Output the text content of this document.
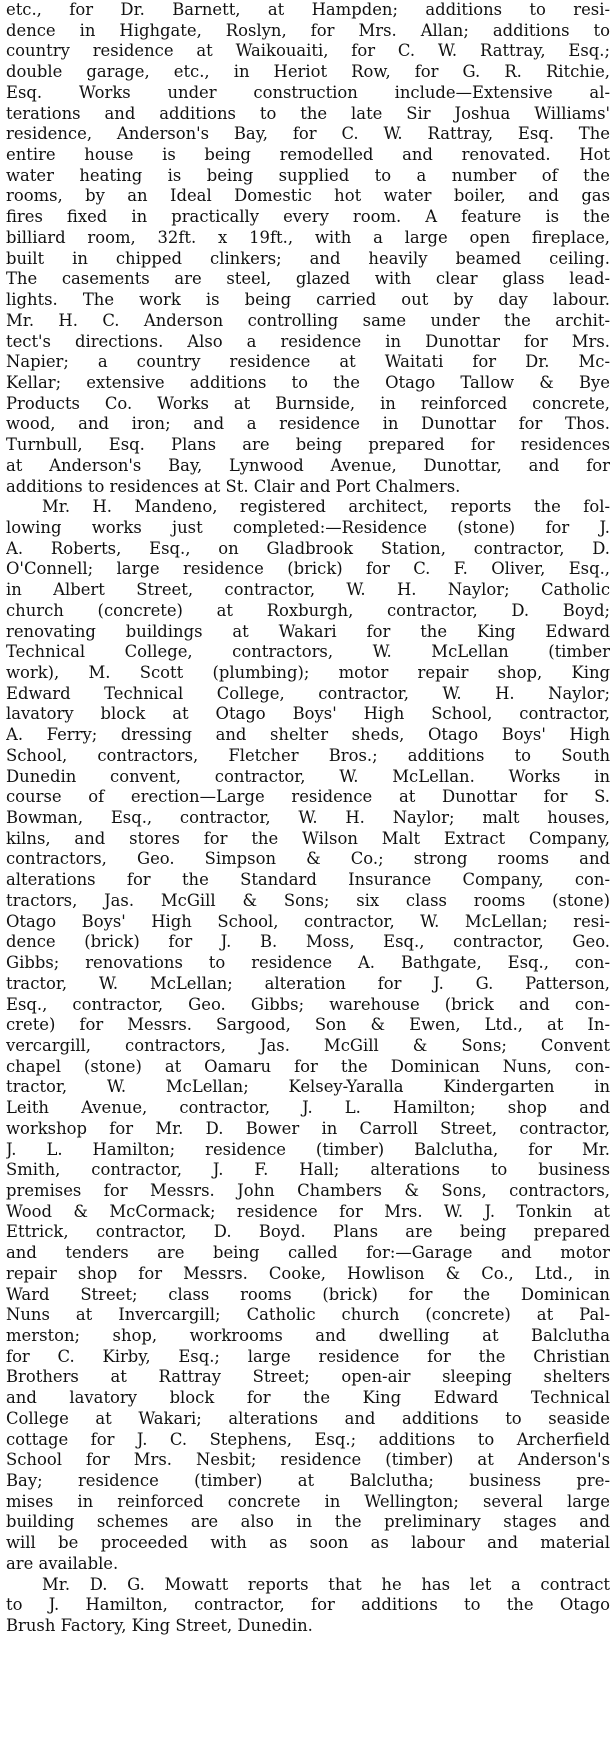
etc., for Dr. Barnett, at Hampden; additions to resi-
dence in Highgate, Roslyn, for Mrs. Allan; additions to
country residence at Waikouaiti, for C. W. Rattray, Esq.;
double garage, etc., in Heriot Row, for G. R. Ritchie,
Esq. Works under construction include—Extensive al-
terations and additions to the late Sir Joshua Williams'
residence, Anderson's Bay, for C. W. Rattray, Esq. The
entire house is being remodelled and renovated. Hot
water heating is being supplied to a number of the
rooms, by an Ideal Domestic hot water boiler, and gas
fires fixed in practically every room. A feature is the
billiard room, 32ft. x 19ft., with a large open fireplace,
built in chipped clinkers; and heavily beamed ceiling.
The casements are steel, glazed with clear glass lead-
lights. The work is being carried out by day labour.
Mr. H. C. Anderson controlling same under the archit-
tect's directions. Also a residence in Dunottar for Mrs.
Napier; a country residence at Waitati for Dr. Mc-
Kellar; extensive additions to the Otago Tallow & Bye
Products Co. Works at Burnside, in reinforced concrete,
wood, and iron; and a residence in Dunottar for Thos.
Turnbull, Esq. Plans are being prepared for residences
at Anderson's Bay, Lynwood Avenue, Dunottar, and for
additions to residences at St. Clair and Port Chalmers.
Mr. H. Mandeno, registered architect, reports the fol-
lowing works just completed:—Residence (stone) for J.
A. Roberts, Esq., on Gladbrook Station, contractor, D.
O'Connell; large residence (brick) for C. F. Oliver, Esq.,
in Albert Street, contractor, W. H. Naylor; Catholic
church (concrete) at Roxburgh, contractor, D. Boyd;
renovating buildings at Wakari for the King Edward
Technical College, contractors, W. McLellan (timber
work), M. Scott (plumbing); motor repair shop, King
Edward Technical College, contractor, W. H. Naylor;
lavatory block at Otago Boys' High School, contractor,
A. Ferry; dressing and shelter sheds, Otago Boys' High
School, contractors, Fletcher Bros.; additions to South
Dunedin convent, contractor, W. McLellan. Works in
course of erection—Large residence at Dunottar for S.
Bowman, Esq., contractor, W. H. Naylor; malt houses,
kilns, and stores for the Wilson Malt Extract Company,
contractors, Geo. Simpson & Co.; strong rooms and
alterations for the Standard Insurance Company, con-
tractors, Jas. McGill & Sons; six class rooms (stone)
Otago Boys' High School, contractor, W. McLellan; resi-
dence (brick) for J. B. Moss, Esq., contractor, Geo.
Gibbs; renovations to residence A. Bathgate, Esq., con-
tractor, W. McLellan; alteration for J. G. Patterson,
Esq., contractor, Geo. Gibbs; warehouse (brick and con-
crete) for Messrs. Sargood, Son & Ewen, Ltd., at In-
vercargill, contractors, Jas. McGill & Sons; Convent
chapel (stone) at Oamaru for the Dominican Nuns, con-
tractor, W. McLellan; Kelsey-Yaralla Kindergarten in
Leith Avenue, contractor, J. L. Hamilton; shop and
workshop for Mr. D. Bower in Carroll Street, contractor,
J. L. Hamilton; residence (timber) Balclutha, for Mr.
Smith, contractor, J. F. Hall; alterations to business
premises for Messrs. John Chambers & Sons, contractors,
Wood & McCormack; residence for Mrs. W. J. Tonkin at
Ettrick, contractor, D. Boyd. Plans are being prepared
and tenders are being called for:—Garage and motor
repair shop for Messrs. Cooke, Howlison & Co., Ltd., in
Ward Street; class rooms (brick) for the Dominican
Nuns at Invercargill; Catholic church (concrete) at Pal-
merston; shop, workrooms and dwelling at Balclutha
for C. Kirby, Esq.; large residence for the Christian
Brothers at Rattray Street; open-air sleeping shelters
and lavatory block for the King Edward Technical
College at Wakari; alterations and additions to seaside
cottage for J. C. Stephens, Esq.; additions to Archerfield
School for Mrs. Nesbit; residence (timber) at Anderson's
Bay; residence (timber) at Balclutha; business pre-
mises in reinforced concrete in Wellington; several large
building schemes are also in the preliminary stages and
will be proceeded with as soon as labour and material
are available.
Mr. D. G. Mowatt reports that he has let a contract
to J. Hamilton, contractor, for additions to the Otago
Brush Factory, King Street, Dunedin.
